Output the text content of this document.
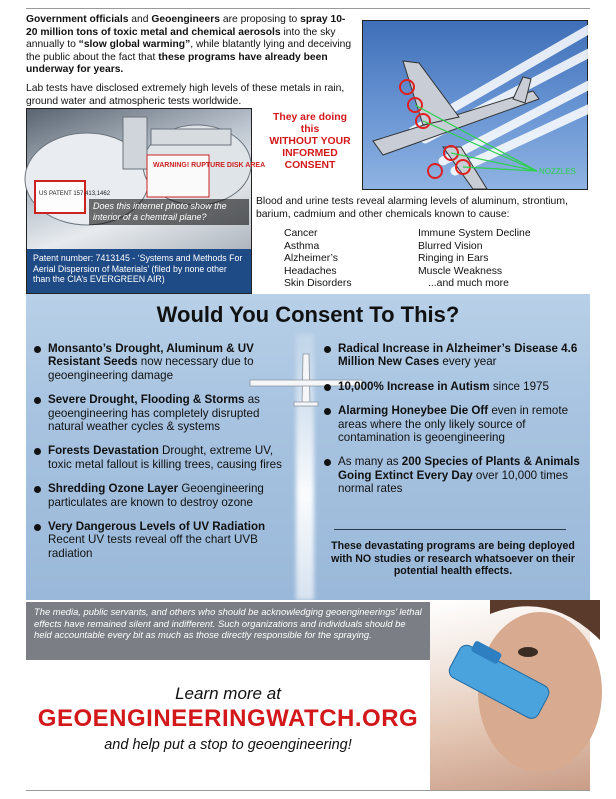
Government officials and Geoengineers are proposing to spray 10-20 million tons of toxic metal and chemical aerosols into the sky annually to “slow global warming”, while blatantly lying and deceiving the public about the fact that these programs have already been underway for years.

Lab tests have disclosed extremely high levels of these metals in rain, ground water and atmospheric tests worldwide.

NOZZLES
They are doing this
WITHOUT YOUR INFORMED CONSENT
WARNING! RUPTURE DISK AREA
US PATENT 157,413,1462
Does this internet photo show the interior of a chemtrail plane?
Patent number: 7413145 - ‘Systems and Methods For Aerial Dispersion of Materials’ (filed by none other than the CIA’s EVERGREEN AIR)
Blood and urine tests reveal alarming levels of aluminum, strontium, barium, cadmium and other chemicals known to cause:
Cancer	Immune System Decline
Asthma	Blurred Vision
Alzheimer’s	Ringing in Ears
Headaches	Muscle Weakness
Skin Disorders	...and much more
Would You Consent To This?
Monsanto’s Drought, Aluminum & UV Resistant Seeds now necessary due to geoengineering damage
Severe Drought, Flooding & Storms as geoengineering has completely disrupted natural weather cycles & systems
Forests Devastation Drought, extreme UV, toxic metal fallout is killing trees, causing fires
Shredding Ozone Layer Geoengineering particulates are known to destroy ozone
Very Dangerous Levels of UV Radiation Recent UV tests reveal off the chart UVB radiation
Radical Increase in Alzheimer’s Disease 4.6 Million New Cases every year
10,000% Increase in Autism since 1975
Alarming Honeybee Die Off even in remote areas where the only likely source of contamination is geoengineering
As many as 200 Species of Plants & Animals Going Extinct Every Day over 10,000 times normal rates
These devastating programs are being deployed with NO studies or research whatsoever on their potential health effects.
The media, public servants, and others who should be acknowledging geoengineerings’ lethal effects have remained silent and indifferent. Such organizations and individuals should be held accountable every bit as much as those directly responsible for the spraying.
Learn more at
GEOENGINEERINGWATCH.ORG
and help put a stop to geoengineering!
